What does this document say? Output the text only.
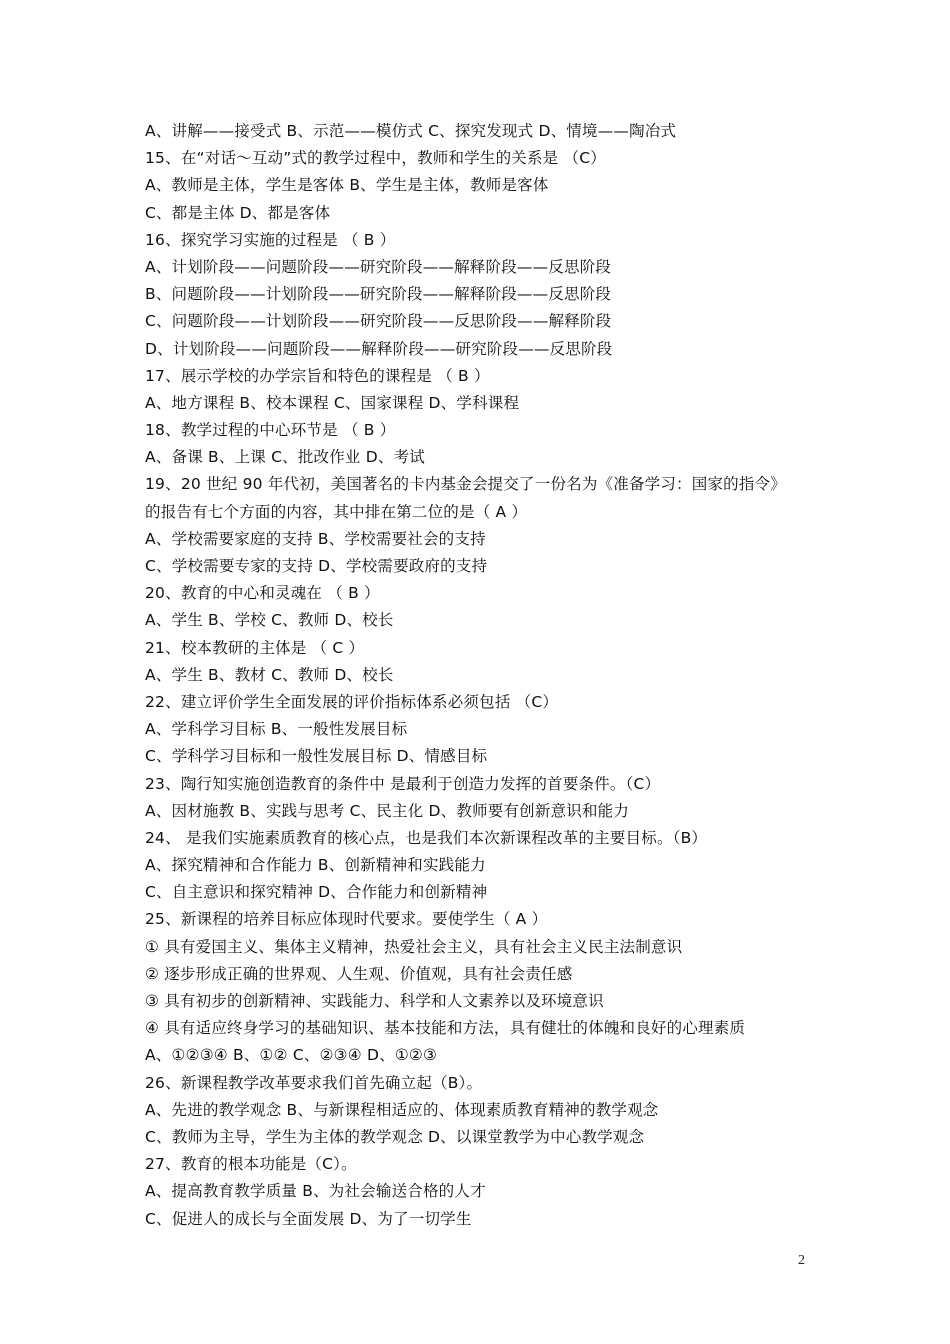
A、讲解——接受式 B、示范——模仿式 C、探究发现式 D、情境——陶冶式
15、在“对话～互动”式的教学过程中，教师和学生的关系是 （C）
A、教师是主体，学生是客体 B、学生是主体，教师是客体
C、都是主体 D、都是客体
16、探究学习实施的过程是 （ B ）
A、计划阶段——问题阶段——研究阶段——解释阶段——反思阶段
B、问题阶段——计划阶段——研究阶段——解释阶段——反思阶段
C、问题阶段——计划阶段——研究阶段——反思阶段——解释阶段
D、计划阶段——问题阶段——解释阶段——研究阶段——反思阶段
17、展示学校的办学宗旨和特色的课程是 （ B ）
A、地方课程 B、校本课程 C、国家课程 D、学科课程
18、教学过程的中心环节是 （ B ）
A、备课 B、上课 C、批改作业 D、考试
19、20 世纪 90 年代初，美国著名的卡内基金会提交了一份名为《准备学习：国家的指令》
的报告有七个方面的内容，其中排在第二位的是（ A ）
A、学校需要家庭的支持 B、学校需要社会的支持
C、学校需要专家的支持 D、学校需要政府的支持
20、教育的中心和灵魂在 （ B ）
A、学生 B、学校 C、教师 D、校长
21、校本教研的主体是 （ C ）
A、学生 B、教材 C、教师 D、校长
22、建立评价学生全面发展的评价指标体系必须包括 （C）
A、学科学习目标 B、一般性发展目标
C、学科学习目标和一般性发展目标 D、情感目标
23、陶行知实施创造教育的条件中 是最利于创造力发挥的首要条件。（C）
A、因材施教 B、实践与思考 C、民主化 D、教师要有创新意识和能力
24、 是我们实施素质教育的核心点，也是我们本次新课程改革的主要目标。（B）
A、探究精神和合作能力 B、创新精神和实践能力
C、自主意识和探究精神 D、合作能力和创新精神
25、新课程的培养目标应体现时代要求。要使学生（ A ）
① 具有爱国主义、集体主义精神，热爱社会主义，具有社会主义民主法制意识
② 逐步形成正确的世界观、人生观、价值观，具有社会责任感
③ 具有初步的创新精神、实践能力、科学和人文素养以及环境意识
④ 具有适应终身学习的基础知识、基本技能和方法，具有健壮的体魄和良好的心理素质
A、①②③④ B、①② C、②③④ D、①②③
26、新课程教学改革要求我们首先确立起（B）。
A、先进的教学观念 B、与新课程相适应的、体现素质教育精神的教学观念
C、教师为主导，学生为主体的教学观念 D、以课堂教学为中心教学观念
27、教育的根本功能是（C）。
A、提高教育教学质量 B、为社会输送合格的人才
C、促进人的成长与全面发展 D、为了一切学生
2
